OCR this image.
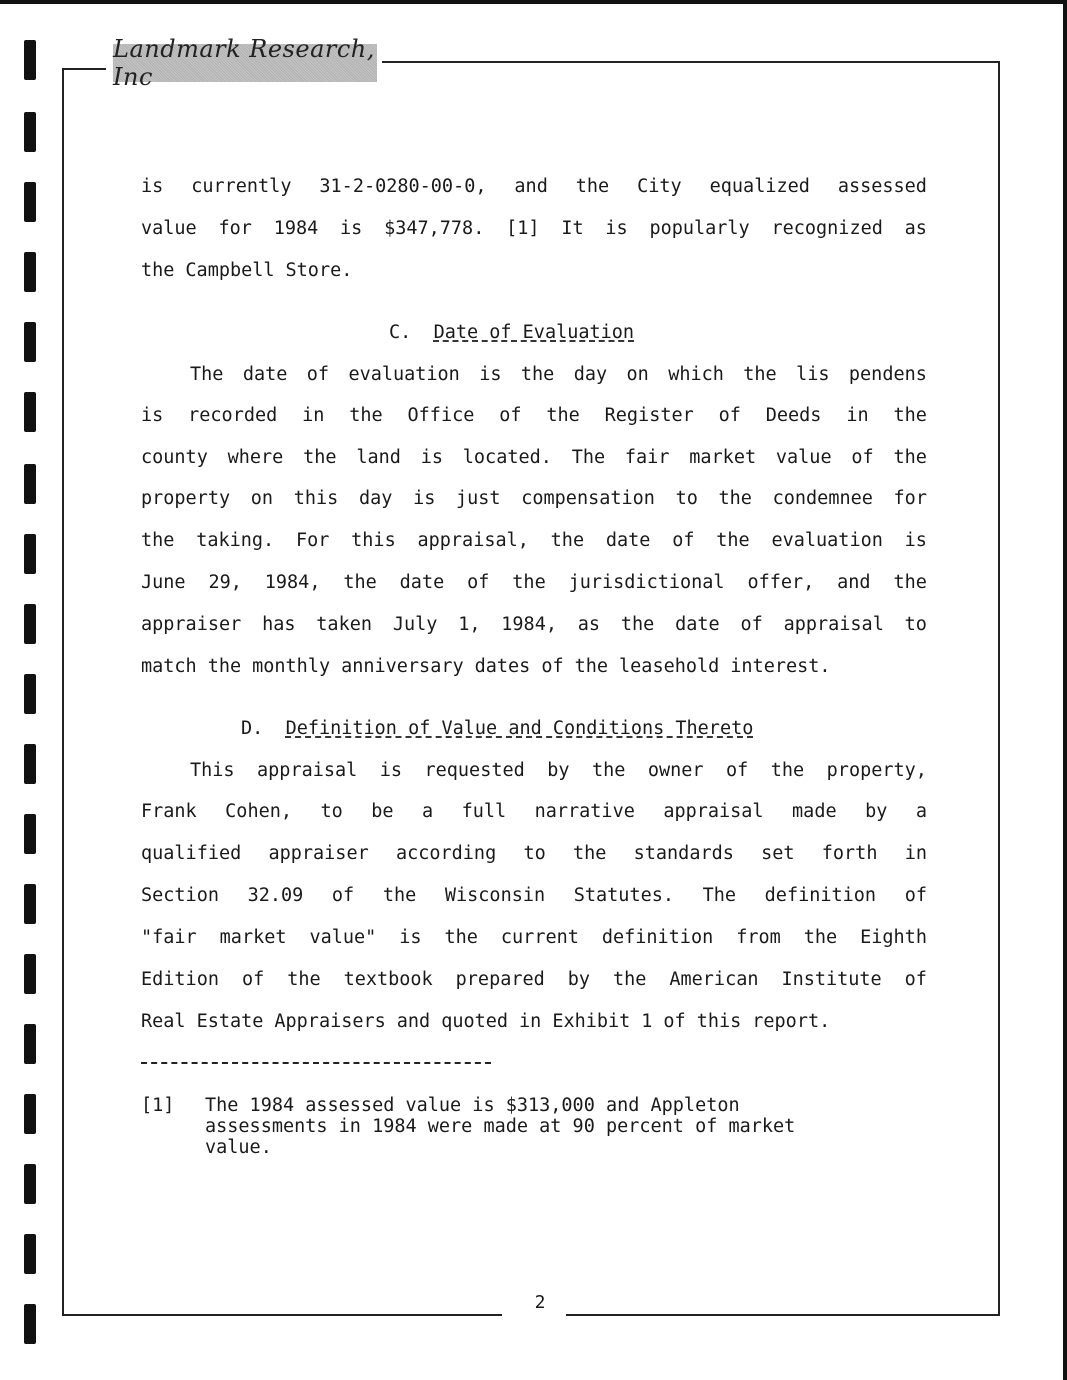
Landmark Research, Inc
C. Date of Evaluation
D. Definition of Value and Conditions Thereto
is currently 31-2-0280-00-0, and the City equalized assessed
value for 1984 is $347,778. [1] It is popularly recognized as
the Campbell Store.
The date of evaluation is the day on which the lis pendens
is recorded in the Office of the Register of Deeds in the
county where the land is located. The fair market value of the
property on this day is just compensation to the condemnee for
the taking. For this appraisal, the date of the evaluation is
June 29, 1984, the date of the jurisdictional offer, and the
appraiser has taken July 1, 1984, as the date of appraisal to
match the monthly anniversary dates of the leasehold interest.
This appraisal is requested by the owner of the property,
Frank Cohen, to be a full narrative appraisal made by a
qualified appraiser according to the standards set forth in
Section 32.09 of the Wisconsin Statutes. The definition of
"fair market value" is the current definition from the Eighth
Edition of the textbook prepared by the American Institute of
Real Estate Appraisers and quoted in Exhibit 1 of this report.
[1] The 1984 assessed value is $313,000 and Appleton
assessments in 1984 were made at 90 percent of market
value.
2
